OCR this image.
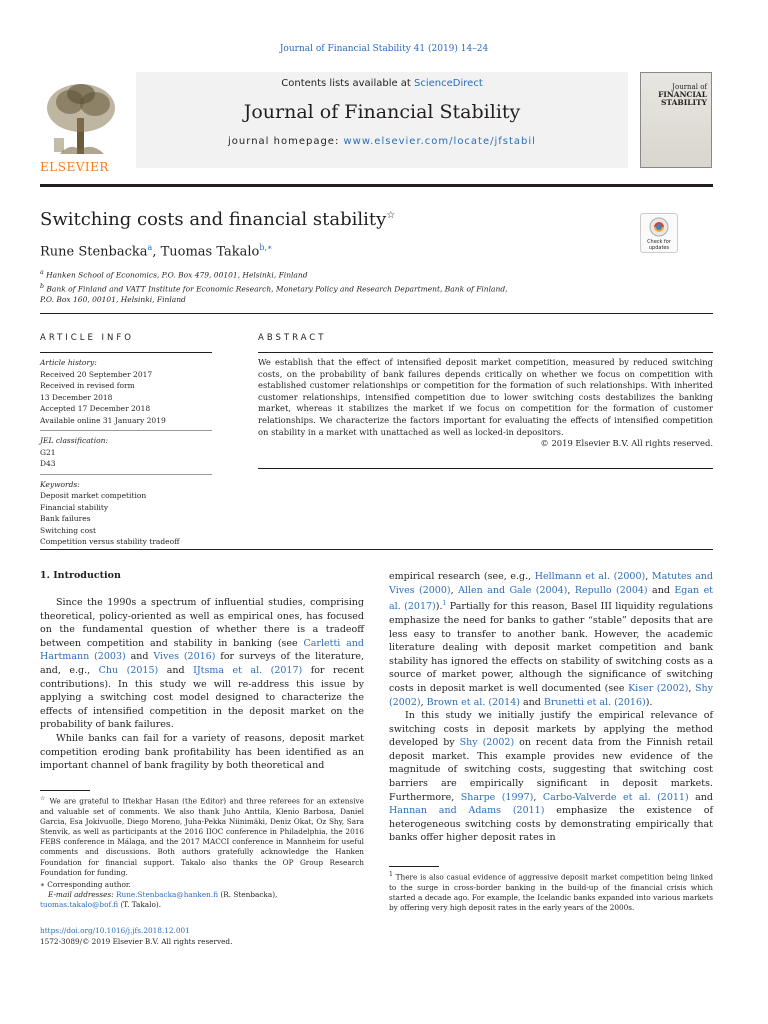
Journal of Financial Stability 41 (2019) 14–24
ELSEVIER
Contents lists available at ScienceDirect
Journal of Financial Stability
journal homepage: www.elsevier.com/locate/jfstabil
Journal of
FINANCIAL
STABILITY
Switching costs and financial stability☆
Check for updates
Rune Stenbacka$^a$, Tuomas Takalo$^{b,∗}$
$^a$ Hanken School of Economics, P.O. Box 479, 00101, Helsinki, Finland
$^b$ Bank of Finland and VATT Institute for Economic Research, Monetary Policy and Research Department, Bank of Finland,
P.O. Box 160, 00101, Helsinki, Finland
ARTICLE INFO	ABSTRACT
Article history:
Received 20 September 2017
Received in revised form
13 December 2018
Accepted 17 December 2018
Available online 31 January 2019
JEL classification:
G21
D43
Keywords:
Deposit market competition
Financial stability
Bank failures
Switching cost
Competition versus stability tradeoff
We establish that the effect of intensified deposit market competition, measured by reduced switching costs, on the probability of bank failures depends critically on whether we focus on competition with established customer relationships or competition for the formation of such relationships. With inherited customer relationships, intensified competition due to lower switching costs destabilizes the banking market, whereas it stabilizes the market if we focus on competition for the formation of customer relationships. We characterize the factors important for evaluating the effects of intensified competition on stability in a market with unattached as well as locked-in depositors.
© 2019 Elsevier B.V. All rights reserved.
1. Introduction

Since the 1990s a spectrum of influential studies, comprising theoretical, policy-oriented as well as empirical ones, has focused on the fundamental question of whether there is a tradeoff between competition and stability in banking (see Carletti and Hartmann (2003) and Vives (2016) for surveys of the literature, and, e.g., Chu (2015) and IJtsma et al. (2017) for recent contributions). In this study we will re-address this issue by applying a switching cost model designed to characterize the effects of intensified competition in the deposit market on the probability of bank failures.

While banks can fail for a variety of reasons, deposit market competition eroding bank profitability has been identified as an important channel of bank fragility by both theoretical and

empirical research (see, e.g., Hellmann et al. (2000), Matutes and Vives (2000), Allen and Gale (2004), Repullo (2004) and Egan et al. (2017)).$^1$ Partially for this reason, Basel III liquidity regulations emphasize the need for banks to gather “stable” deposits that are less easy to transfer to another bank. However, the academic literature dealing with deposit market competition and bank stability has ignored the effects on stability of switching costs as a source of market power, although the significance of switching costs in deposit market is well documented (see Kiser (2002), Shy (2002), Brown et al. (2014) and Brunetti et al. (2016)).

In this study we initially justify the empirical relevance of switching costs in deposit markets by applying the method developed by Shy (2002) on recent data from the Finnish retail deposit market. This example provides new evidence of the magnitude of switching costs, suggesting that switching cost barriers are empirically significant in deposit markets. Furthermore, Sharpe (1997), Carbo-Valverde et al. (2011) and Hannan and Adams (2011) emphasize the existence of heterogeneous switching costs by demonstrating empirically that banks offer higher deposit rates in

☆ We are grateful to Iftekhar Hasan (the Editor) and three referees for an extensive and valuable set of comments. We also thank Juho Anttila, Klenio Barbosa, Daniel Garcia, Esa Jokivuolle, Diego Moreno, Juha-Pekka Niinimäki, Deniz Okat, Oz Shy, Sara Stenvik, as well as participants at the 2016 IIOC conference in Philadelphia, the 2016 FEBS conference in Málaga, and the 2017 MACCI conference in Mannheim for useful comments and discussions. Both authors gratefully acknowledge the Hanken Foundation for financial support. Takalo also thanks the OP Group Research Foundation for funding.
∗ Corresponding author.
E-mail addresses: Rune.Stenbacka@hanken.fi (R. Stenbacka),
tuomas.takalo@bof.fi (T. Takalo).
https://doi.org/10.1016/j.jfs.2018.12.001
1572-3089/© 2019 Elsevier B.V. All rights reserved.
$^1$ There is also casual evidence of aggressive deposit market competition being linked to the surge in cross-border banking in the build-up of the financial crisis which started a decade ago. For example, the Icelandic banks expanded into various markets by offering very high deposit rates in the early years of the 2000s.
